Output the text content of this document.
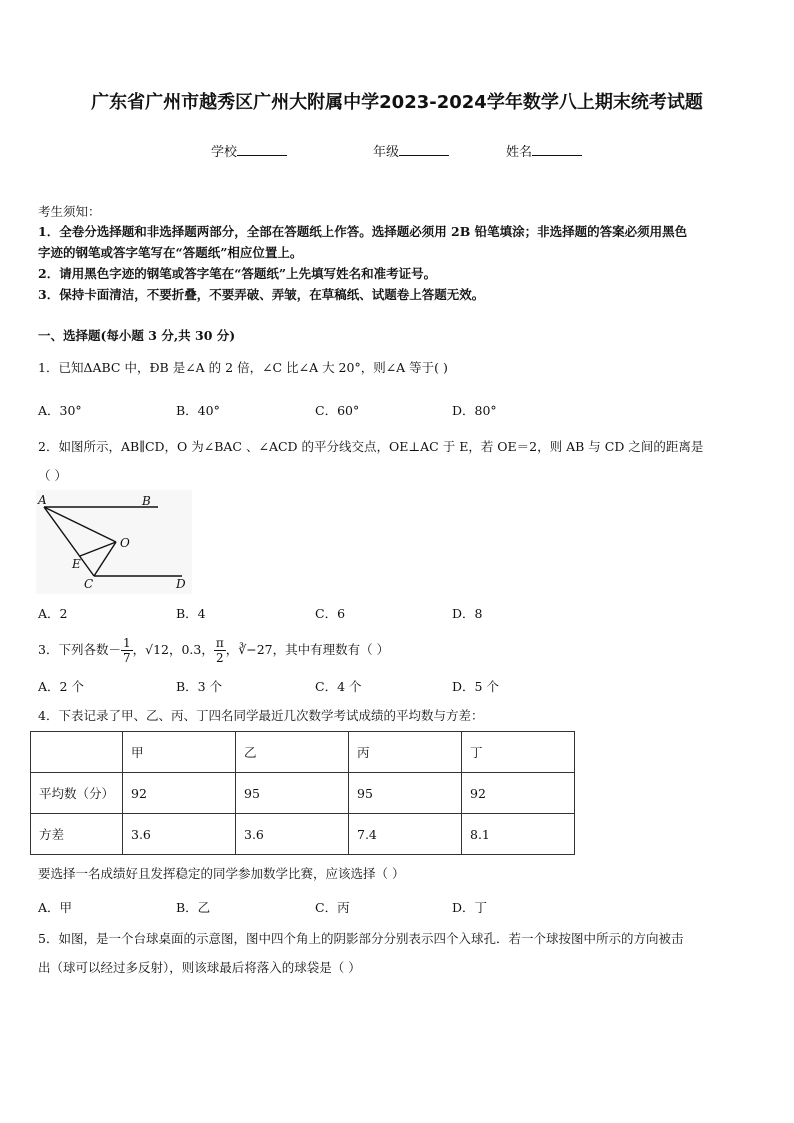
广东省广州市越秀区广州大附属中学2023-2024学年数学八上期末统考试题
学校	年级	姓名
考生须知：
1．全卷分选择题和非选择题两部分，全部在答题纸上作答。选择题必须用 2B 铅笔填涂；非选择题的答案必须用黑色
字迹的钢笔或答字笔写在“答题纸”相应位置上。
2．请用黑色字迹的钢笔或答字笔在“答题纸”上先填写姓名和准考证号。
3．保持卡面清洁，不要折叠，不要弄破、弄皱，在草稿纸、试题卷上答题无效。
一、选择题(每小题 3 分,共 30 分)
1．已知ΔABC 中，ÐB 是∠A 的 2 倍，∠C 比∠A 大 20°，则∠A 等于( )
A．30°	B．40°	C．60°	D．80°
2．如图所示，AB∥CD，O 为∠BAC 、∠ACD 的平分线交点，OE⊥AC 于 E，若 OE＝2，则 AB 与 CD 之间的距离是
（ ）
A	B
O
E
C	D
A．2	B．4	C．6	D．8
3．下列各数－ $\frac{1}{7}$ ，√12，0.3， $\frac{\pi}{2}$ ，∛−27 ，其中有理数有（ ）
A．2 个	B．3 个	C．4 个	D．5 个
4．下表记录了甲、乙、丙、丁四名同学最近几次数学考试成绩的平均数与方差：
	甲	乙	丙	丁
平均数（分）	92	95	95	92
方差	3.6	3.6	7.4	8.1
要选择一名成绩好且发挥稳定的同学参加数学比赛，应该选择（ ）
A．甲	B．乙	C．丙	D．丁
5．如图，是一个台球桌面的示意图，图中四个角上的阴影部分分别表示四个入球孔．若一个球按图中所示的方向被击
出（球可以经过多反射），则该球最后将落入的球袋是（ ）
